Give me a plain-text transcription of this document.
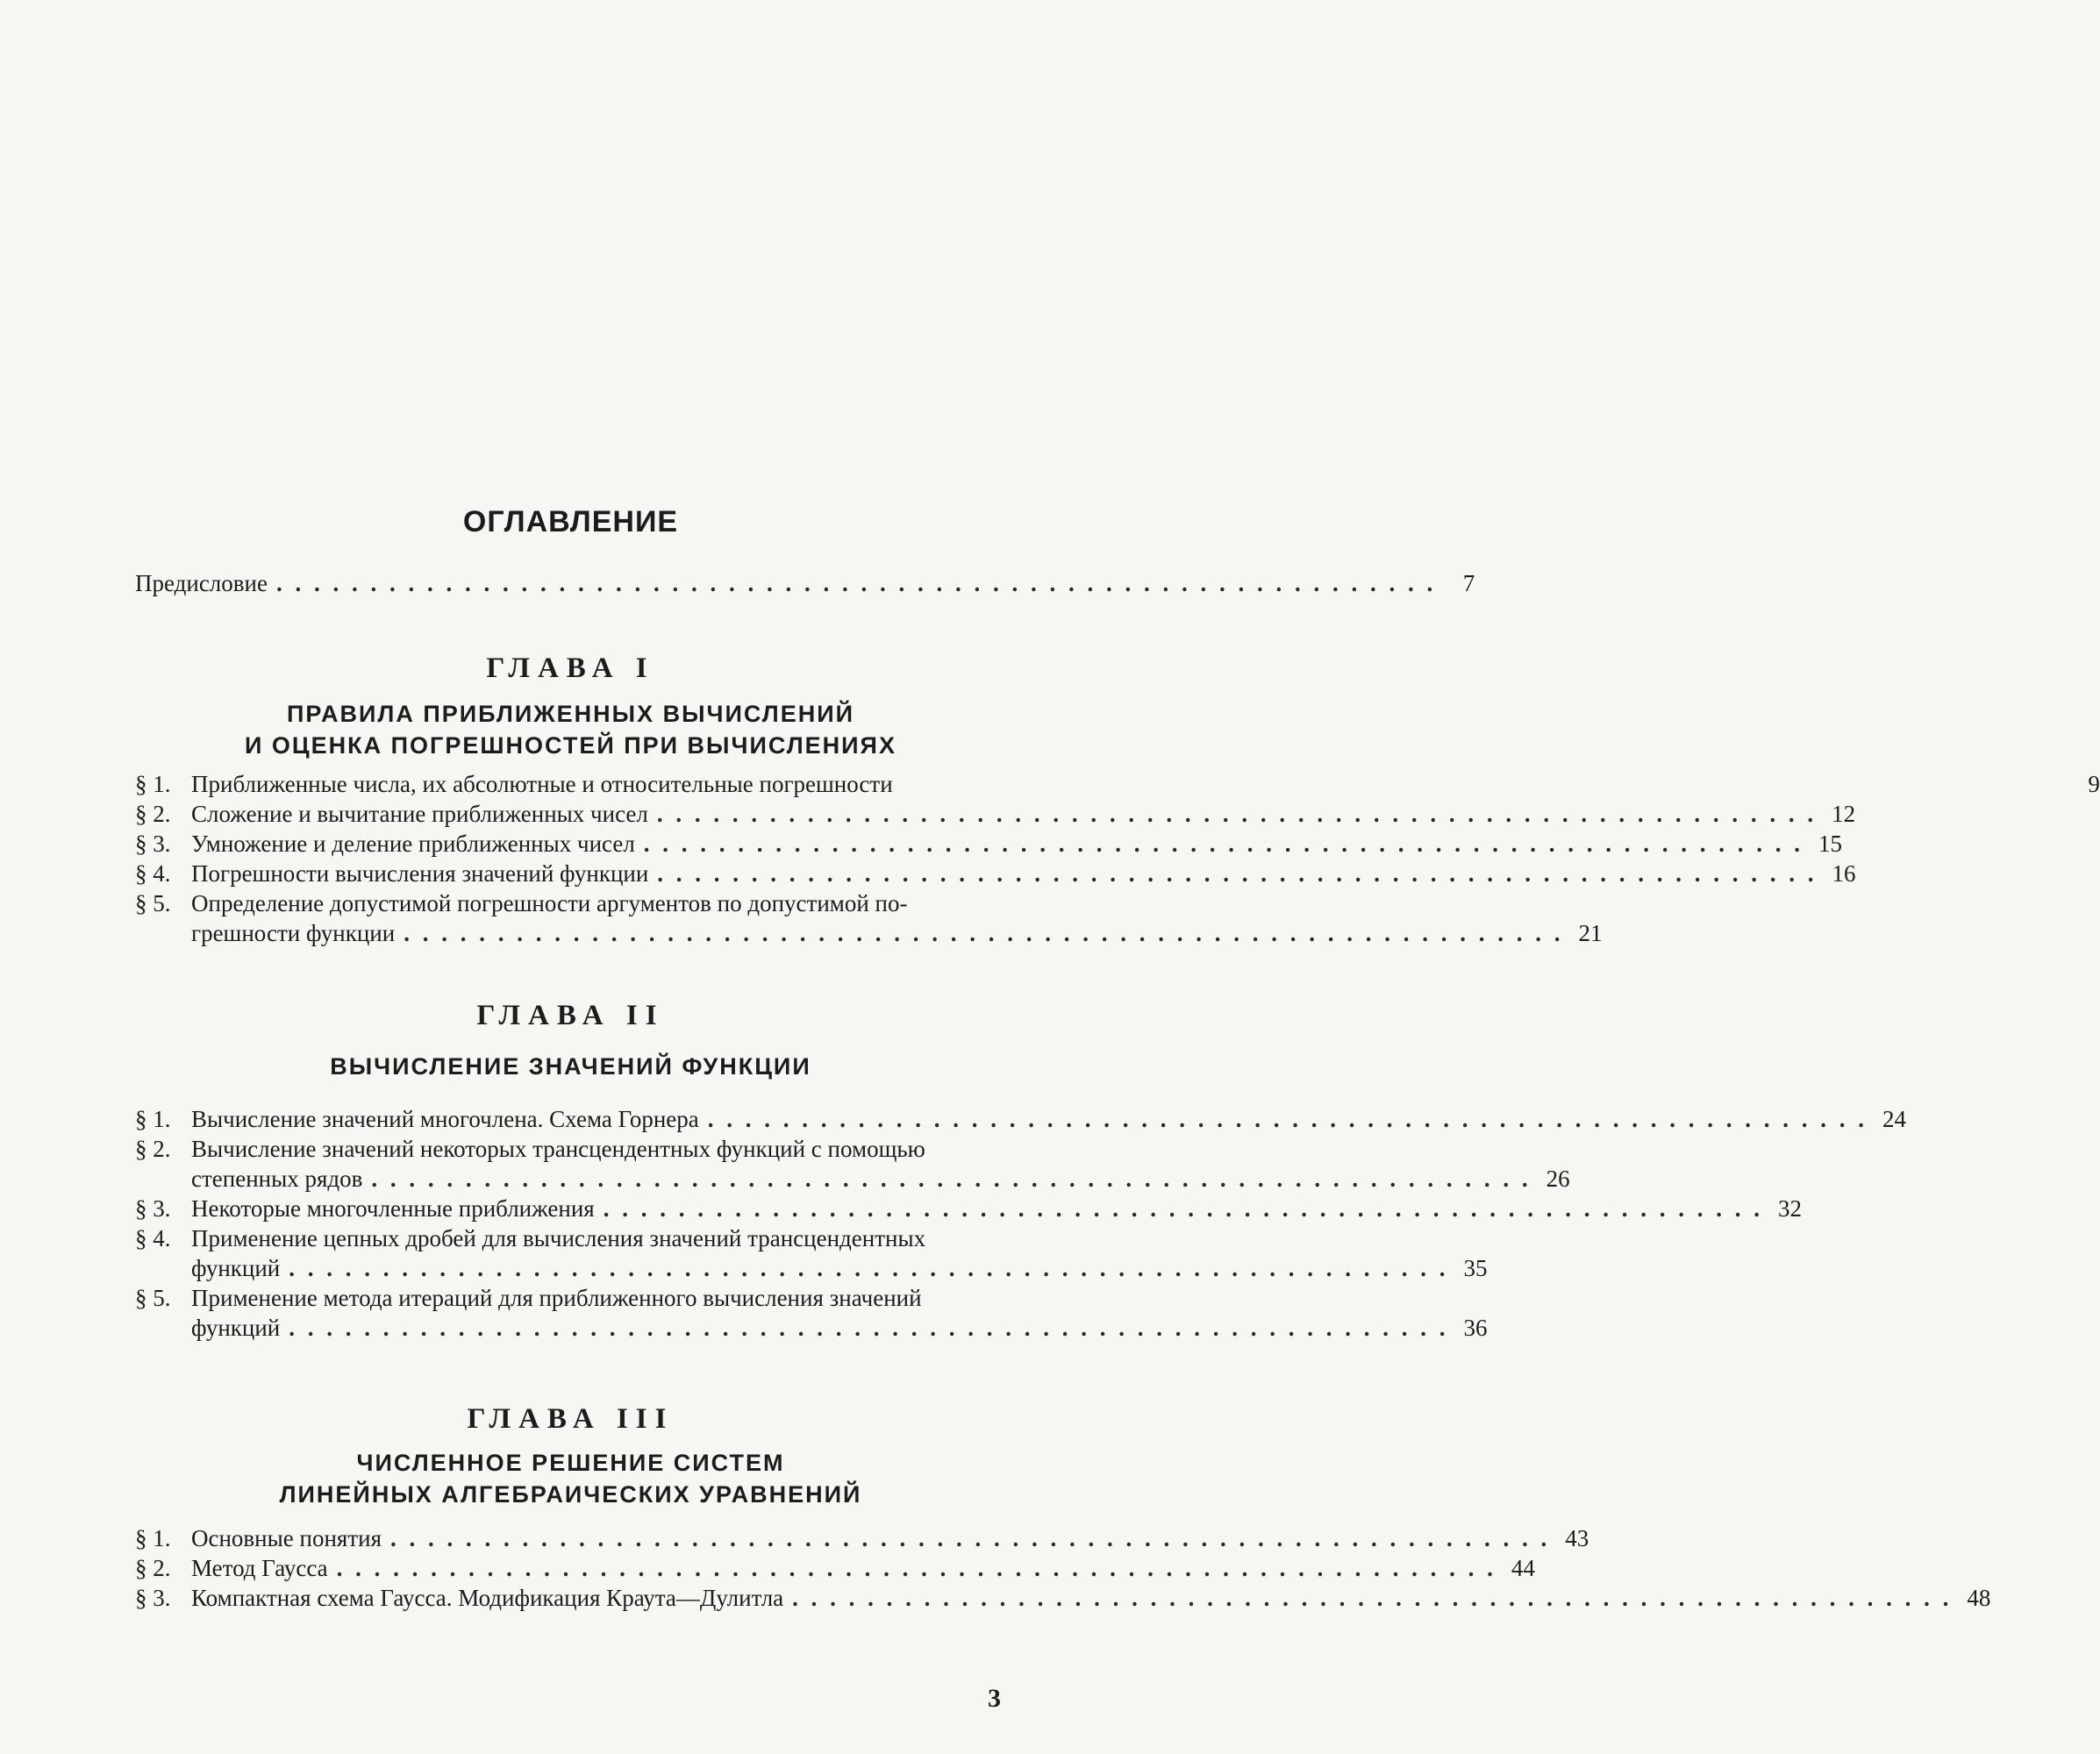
ОГЛАВЛЕНИЕ
Предисловие . . .	7
ГЛАВА I
ПРАВИЛА ПРИБЛИЖЕННЫХ ВЫЧИСЛЕНИЙ
И ОЦЕНКА ПОГРЕШНОСТЕЙ ПРИ ВЫЧИСЛЕНИЯХ
§ 1. Приближенные числа, их абсолютные и относительные погрешности	9
§ 2. Сложение и вычитание приближенных чисел . . .	12
§ 3. Умножение и деление приближенных чисел . . .	15
§ 4. Погрешности вычисления значений функции . . .	16
§ 5. Определение допустимой погрешности аргументов по допустимой по-
грешности функции . . .	21
ГЛАВА II
ВЫЧИСЛЕНИЕ ЗНАЧЕНИЙ ФУНКЦИИ
§ 1. Вычисление значений многочлена. Схема Горнера . . .	24
§ 2. Вычисление значений некоторых трансцендентных функций с помощью
степенных рядов . . .	26
§ 3. Некоторые многочленные приближения . . .	32
§ 4. Применение цепных дробей для вычисления значений трансцендентных
функций . . .	35
§ 5. Применение метода итераций для приближенного вычисления значений
функций . . .	36
ГЛАВА III
ЧИСЛЕННОЕ РЕШЕНИЕ СИСТЕМ
ЛИНЕЙНЫХ АЛГЕБРАИЧЕСКИХ УРАВНЕНИЙ
§ 1. Основные понятия . . .	43
§ 2. Метод Гаусса . . .	44
§ 3. Компактная схема Гаусса. Модификация Краута—Дулитла . . .	48

3
